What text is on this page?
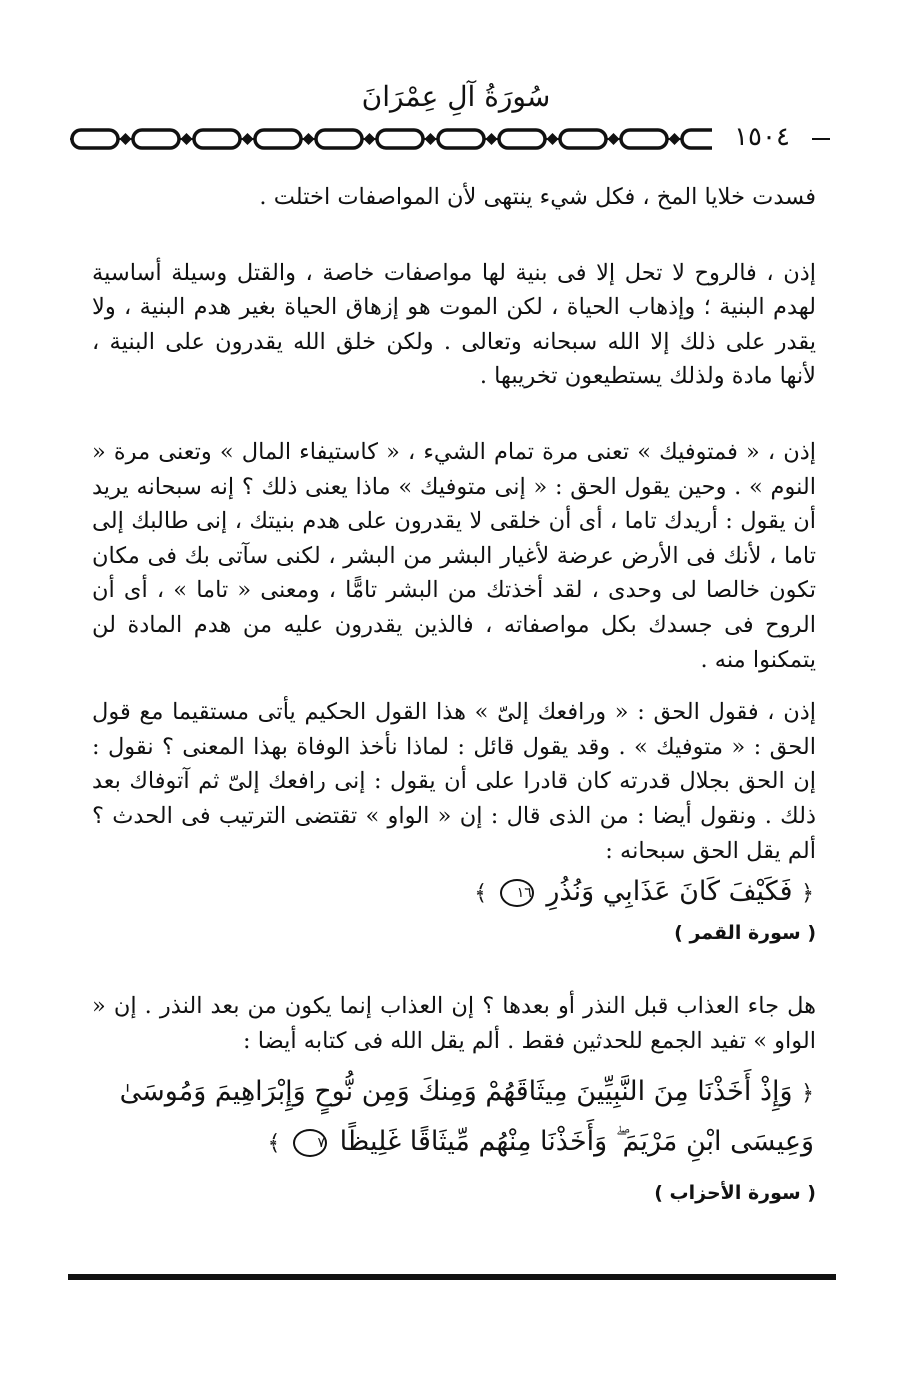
سُورَةُ آلِ عِمْرَانَ
١٥٠٤

فسدت خلايا المخ ، فكل شيء ينتهى لأن المواصفات اختلت .

إذن ، فالروح لا تحل إلا فى بنية لها مواصفات خاصة ، والقتل وسيلة أساسية لهدم البنية ؛ وإذهاب الحياة ، لكن الموت هو إزهاق الحياة بغير هدم البنية ، ولا يقدر على ذلك إلا الله سبحانه وتعالى . ولكن خلق الله يقدرون على البنية ، لأنها مادة ولذلك يستطيعون تخريبها .

إذن ، « فمتوفيك » تعنى مرة تمام الشيء ، « كاستيفاء المال » وتعنى مرة « النوم » . وحين يقول الحق : « إنى متوفيك » ماذا يعنى ذلك ؟ إنه سبحانه يريد أن يقول : أريدك تاما ، أى أن خلقى لا يقدرون على هدم بنيتك ، إنى طالبك إلى تاما ، لأنك فى الأرض عرضة لأغيار البشر من البشر ، لكنى سآتى بك فى مكان تكون خالصا لى وحدى ، لقد أخذتك من البشر تامًّا ، ومعنى « تاما » ، أى أن الروح فى جسدك بكل مواصفاته ، فالذين يقدرون عليه من هدم المادة لن يتمكنوا منه .

إذن ، فقول الحق : « ورافعك إلىّ » هذا القول الحكيم يأتى مستقيما مع قول الحق : « متوفيك » . وقد يقول قائل : لماذا نأخذ الوفاة بهذا المعنى ؟ نقول : إن الحق بجلال قدرته كان قادرا على أن يقول : إنى رافعك إلىّ ثم آتوفاك بعد ذلك . ونقول أيضا : من الذى قال : إن « الواو » تقتضى الترتيب فى الحدث ؟ ألم يقل الحق سبحانه :

﴿ فَكَيْفَ كَانَ عَذَابِي وَنُذُرِ ١٦ ﴾
( سورة القمر )

هل جاء العذاب قبل النذر أو بعدها ؟ إن العذاب إنما يكون من بعد النذر . إن « الواو » تفيد الجمع للحدثين فقط . ألم يقل الله فى كتابه أيضا :

﴿ وَإِذْ أَخَذْنَا مِنَ النَّبِيِّينَ مِيثَاقَهُمْ وَمِنكَ وَمِن نُّوحٍ وَإِبْرَاهِيمَ وَمُوسَىٰ وَعِيسَى ابْنِ مَرْيَمَ ۖ وَأَخَذْنَا مِنْهُم مِّيثَاقًا غَلِيظًا ٧ ﴾
( سورة الأحزاب )
